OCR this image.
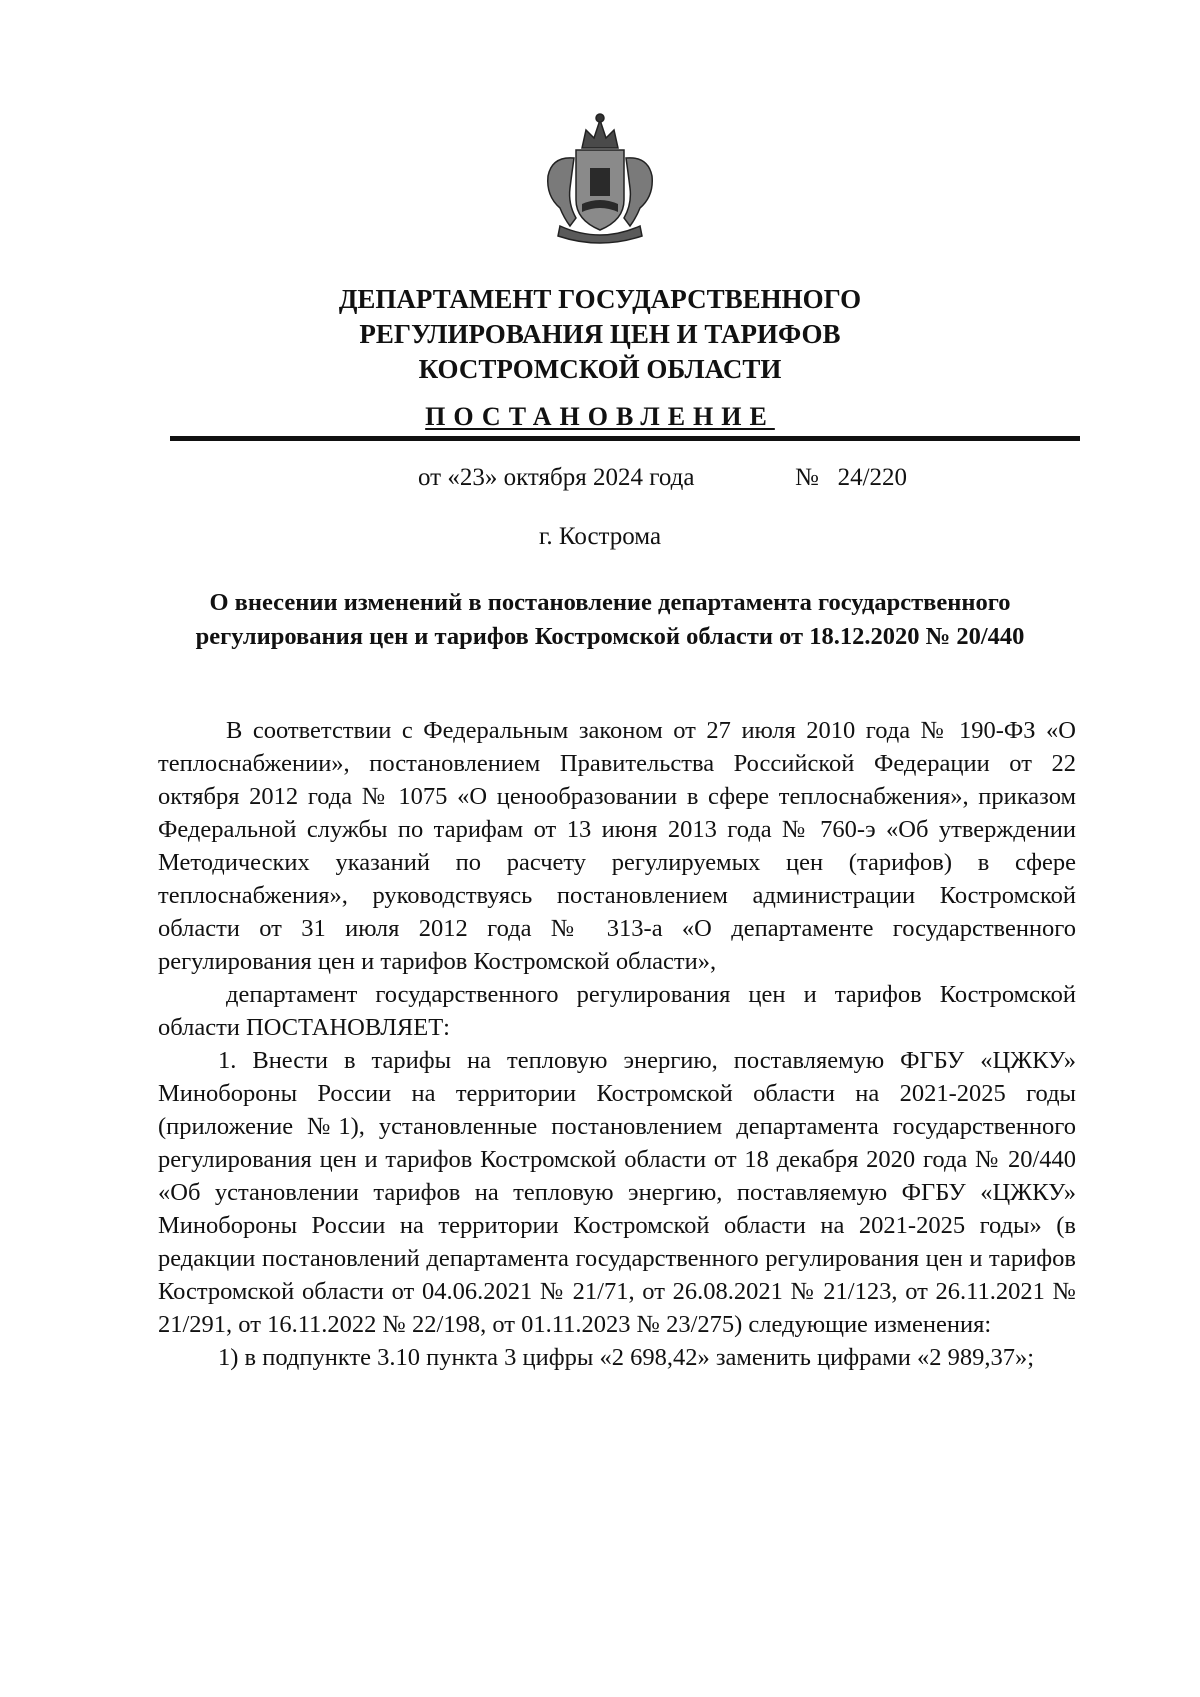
ДЕПАРТАМЕНТ ГОСУДАРСТВЕННОГО
РЕГУЛИРОВАНИЯ ЦЕН И ТАРИФОВ
КОСТРОМСКОЙ ОБЛАСТИ
ПОСТАНОВЛЕНИЕ
от «23» октября 2024 года	№   24/220
г. Кострома
О внесении изменений в постановление департамента государственного
регулирования цен и тарифов Костромской области от 18.12.2020 № 20/440

В соответствии с Федеральным законом от 27 июля 2010 года № 190-ФЗ «О теплоснабжении», постановлением Правительства Российской Федерации от 22 октября 2012 года № 1075 «О ценообразовании в сфере теплоснабжения», приказом Федеральной службы по тарифам от 13 июня 2013 года № 760-э «Об утверждении Методических указаний по расчету регулируемых цен (тарифов) в сфере теплоснабжения», руководствуясь постановлением администрации Костромской области от 31 июля 2012 года № 313-а «О департаменте государственного регулирования цен и тарифов Костромской области»,

департамент государственного регулирования цен и тарифов Костромской области ПОСТАНОВЛЯЕТ:

1. Внести в тарифы на тепловую энергию, поставляемую ФГБУ «ЦЖКУ» Минобороны России на территории Костромской области на 2021-2025 годы (приложение №1), установленные постановлением департамента государственного регулирования цен и тарифов Костромской области от 18 декабря 2020 года № 20/440 «Об установлении тарифов на тепловую энергию, поставляемую ФГБУ «ЦЖКУ» Минобороны России на территории Костромской области на 2021-2025 годы» (в редакции постановлений департамента государственного регулирования цен и тарифов Костромской области от 04.06.2021 № 21/71, от 26.08.2021 № 21/123, от 26.11.2021 № 21/291, от 16.11.2022 № 22/198, от 01.11.2023 № 23/275) следующие изменения:

1) в подпункте 3.10 пункта 3 цифры «2 698,42» заменить цифрами «2 989,37»;
